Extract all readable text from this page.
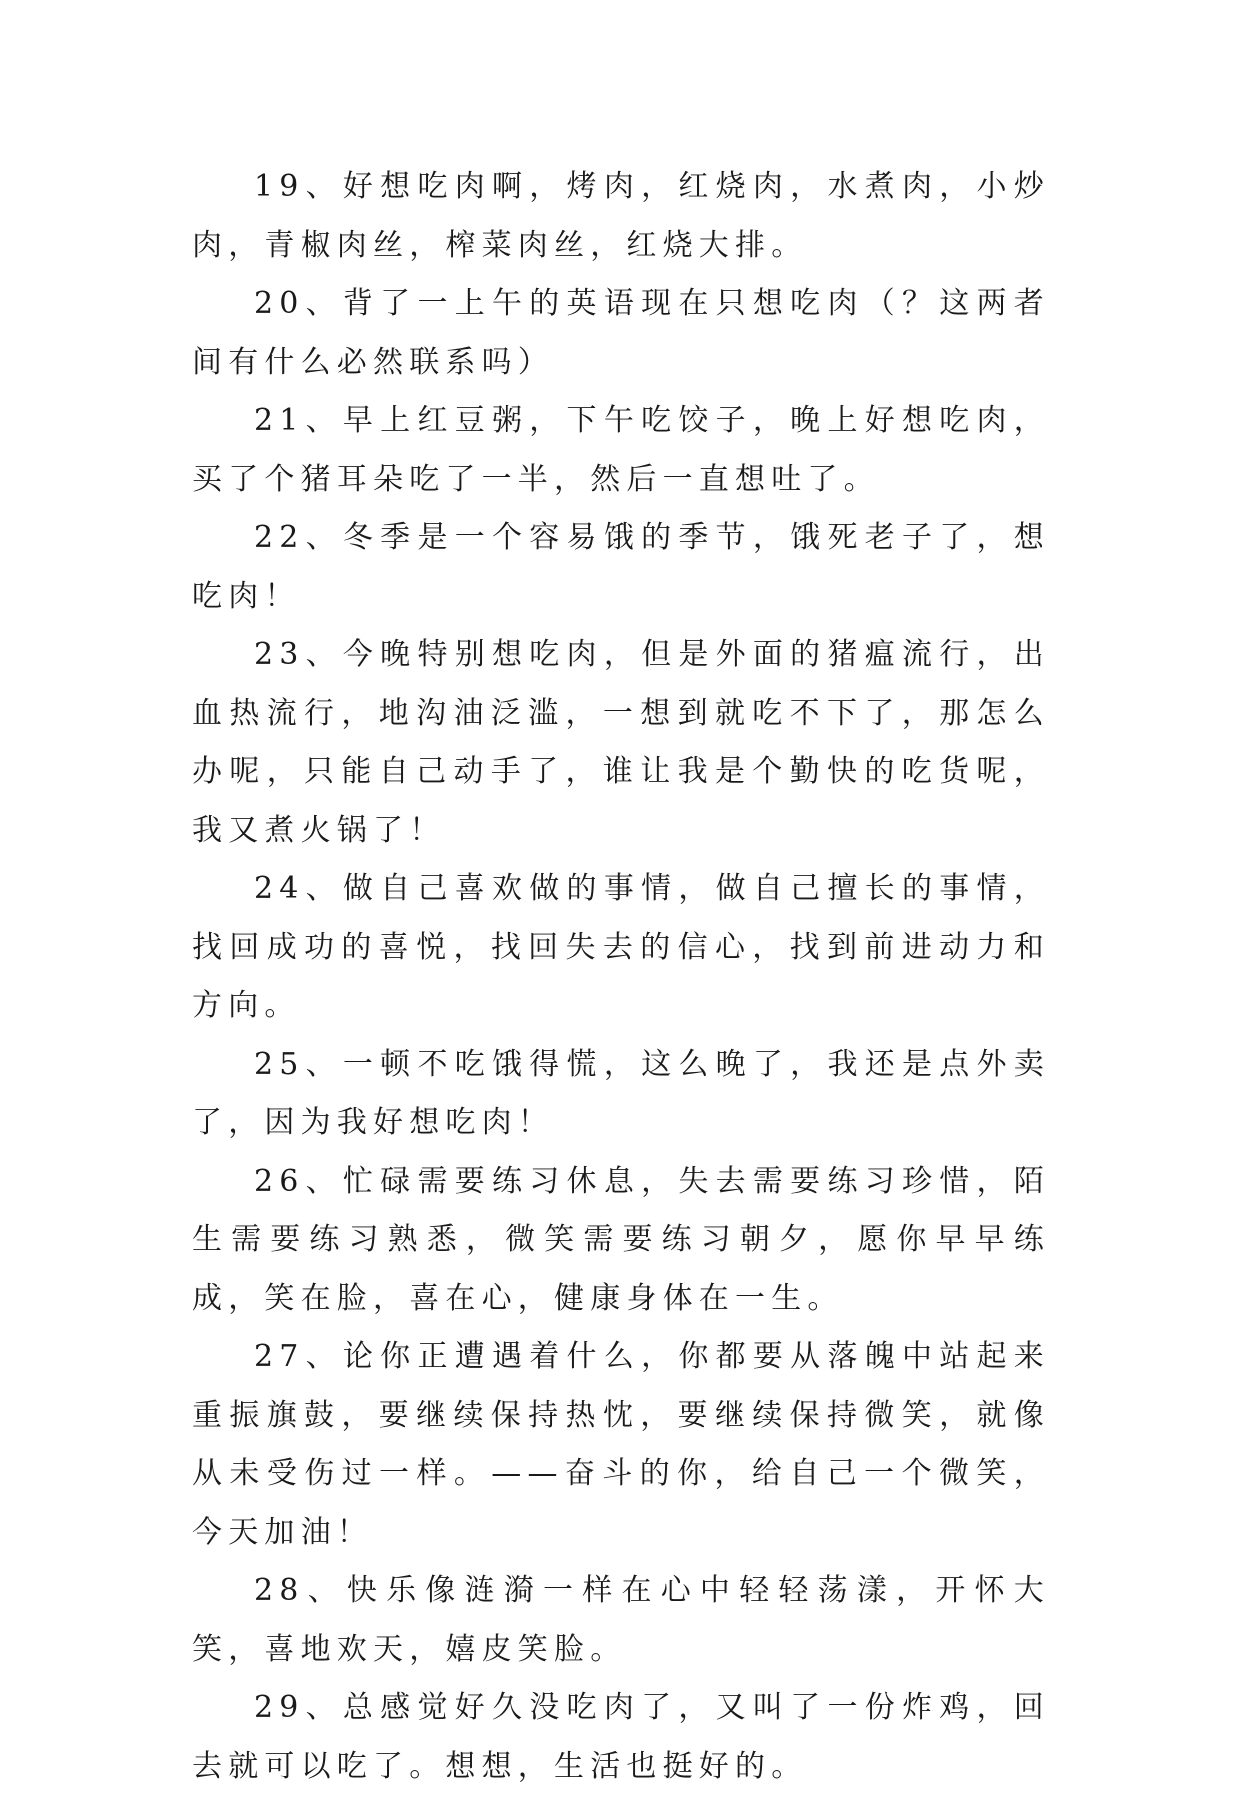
19、好想吃肉啊，烤肉，红烧肉，水煮肉，小炒肉，青椒肉丝，榨菜肉丝，红烧大排。

20、背了一上午的英语现在只想吃肉（？这两者间有什么必然联系吗）

21、早上红豆粥，下午吃饺子，晚上好想吃肉，买了个猪耳朵吃了一半，然后一直想吐了。

22、冬季是一个容易饿的季节，饿死老子了，想吃肉！

23、今晚特别想吃肉，但是外面的猪瘟流行，出血热流行，地沟油泛滥，一想到就吃不下了，那怎么办呢，只能自己动手了，谁让我是个勤快的吃货呢，我又煮火锅了！

24、做自己喜欢做的事情，做自己擅长的事情，找回成功的喜悦，找回失去的信心，找到前进动力和方向。

25、一顿不吃饿得慌，这么晚了，我还是点外卖了，因为我好想吃肉！

26、忙碌需要练习休息，失去需要练习珍惜，陌生需要练习熟悉，微笑需要练习朝夕，愿你早早练成，笑在脸，喜在心，健康身体在一生。

27、论你正遭遇着什么，你都要从落魄中站起来重振旗鼓，要继续保持热忱，要继续保持微笑，就像从未受伤过一样。——奋斗的你，给自己一个微笑，今天加油！

28、快乐像涟漪一样在心中轻轻荡漾，开怀大笑，喜地欢天，嬉皮笑脸。

29、总感觉好久没吃肉了，又叫了一份炸鸡，回去就可以吃了。想想，生活也挺好的。
